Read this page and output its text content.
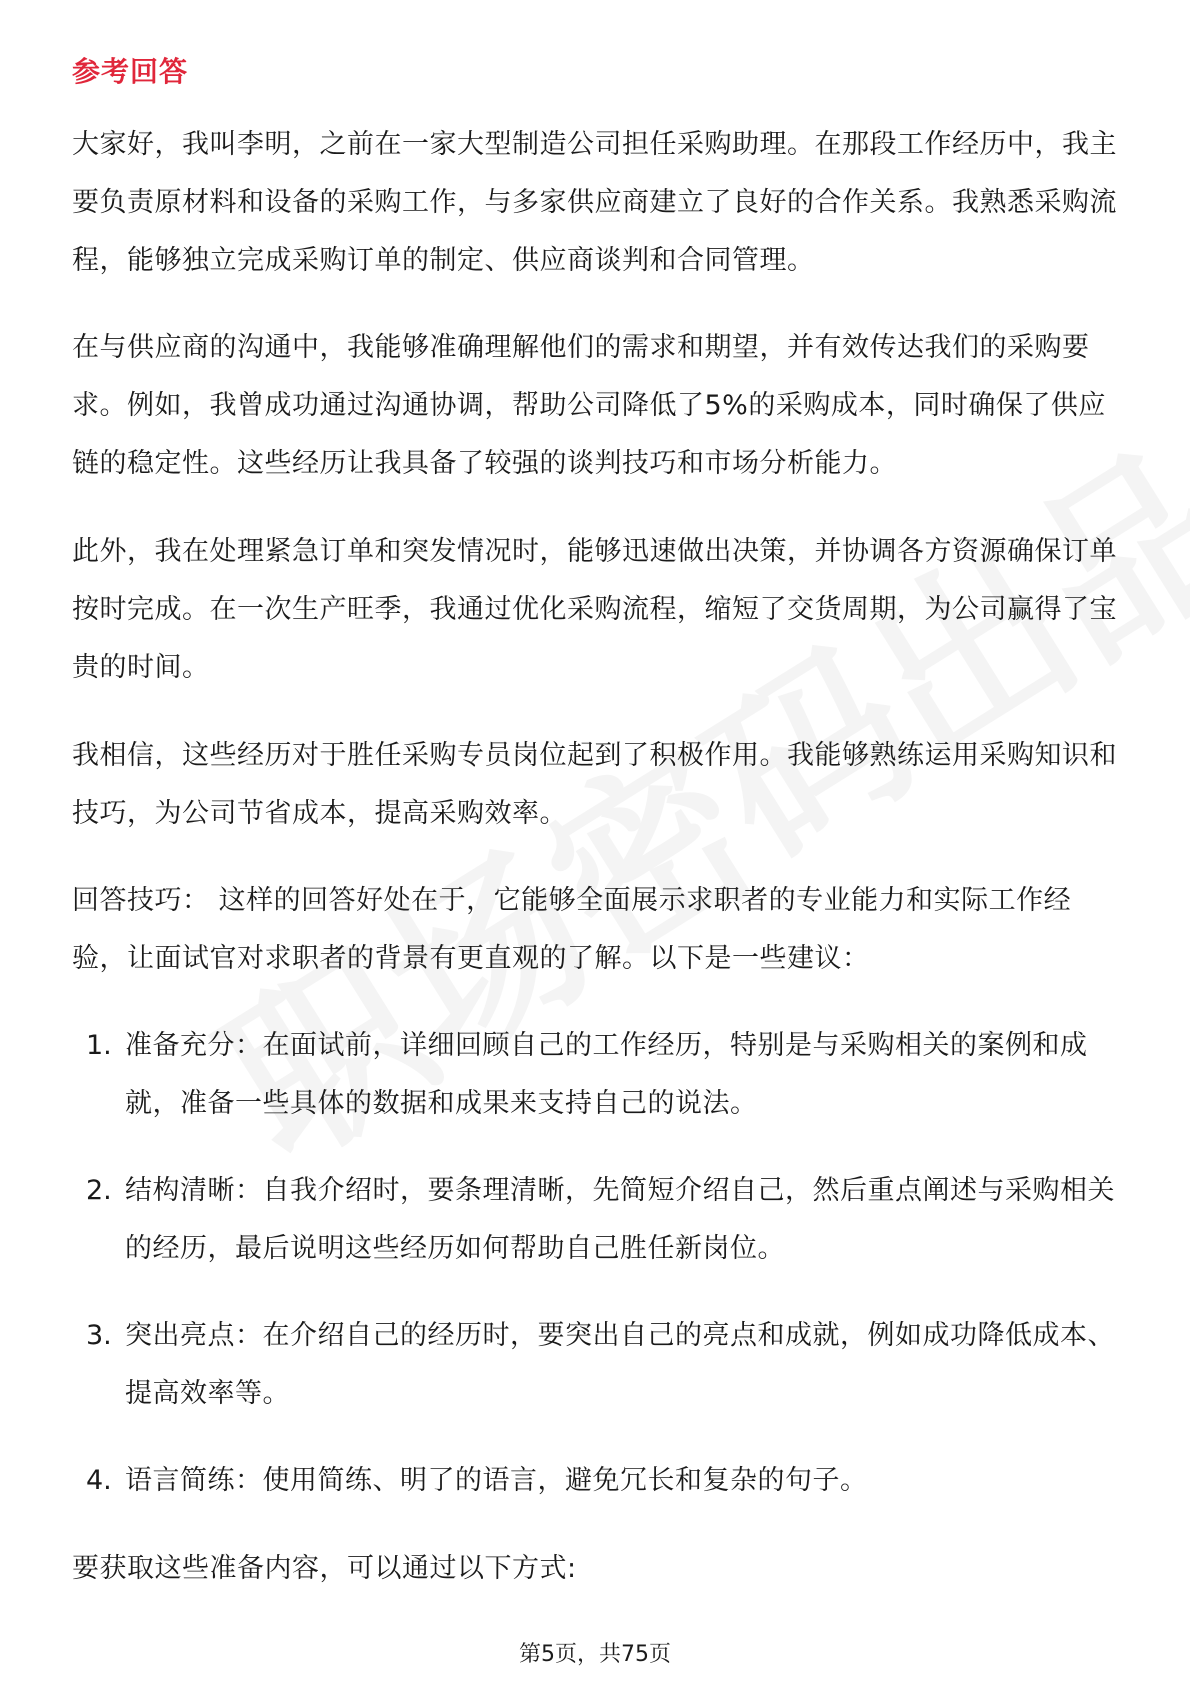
参考回答
大家好，我叫李明，之前在一家大型制造公司担任采购助理。在那段工作经历中，我主要负责原材料和设备的采购工作，与多家供应商建立了良好的合作关系。我熟悉采购流程，能够独立完成采购订单的制定、供应商谈判和合同管理。
在与供应商的沟通中，我能够准确理解他们的需求和期望，并有效传达我们的采购要求。例如，我曾成功通过沟通协调，帮助公司降低了5%的采购成本，同时确保了供应链的稳定性。这些经历让我具备了较强的谈判技巧和市场分析能力。
此外，我在处理紧急订单和突发情况时，能够迅速做出决策，并协调各方资源确保订单按时完成。在一次生产旺季，我通过优化采购流程，缩短了交货周期，为公司赢得了宝贵的时间。
我相信，这些经历对于胜任采购专员岗位起到了积极作用。我能够熟练运用采购知识和技巧，为公司节省成本，提高采购效率。
回答技巧： 这样的回答好处在于，它能够全面展示求职者的专业能力和实际工作经验，让面试官对求职者的背景有更直观的了解。以下是一些建议：
1. 准备充分：在面试前，详细回顾自己的工作经历，特别是与采购相关的案例和成就，准备一些具体的数据和成果来支持自己的说法。
2. 结构清晰：自我介绍时，要条理清晰，先简短介绍自己，然后重点阐述与采购相关的经历，最后说明这些经历如何帮助自己胜任新岗位。
3. 突出亮点：在介绍自己的经历时，要突出自己的亮点和成就，例如成功降低成本、提高效率等。
4. 语言简练：使用简练、明了的语言，避免冗长和复杂的句子。
要获取这些准备内容，可以通过以下方式:
第5页，共75页
